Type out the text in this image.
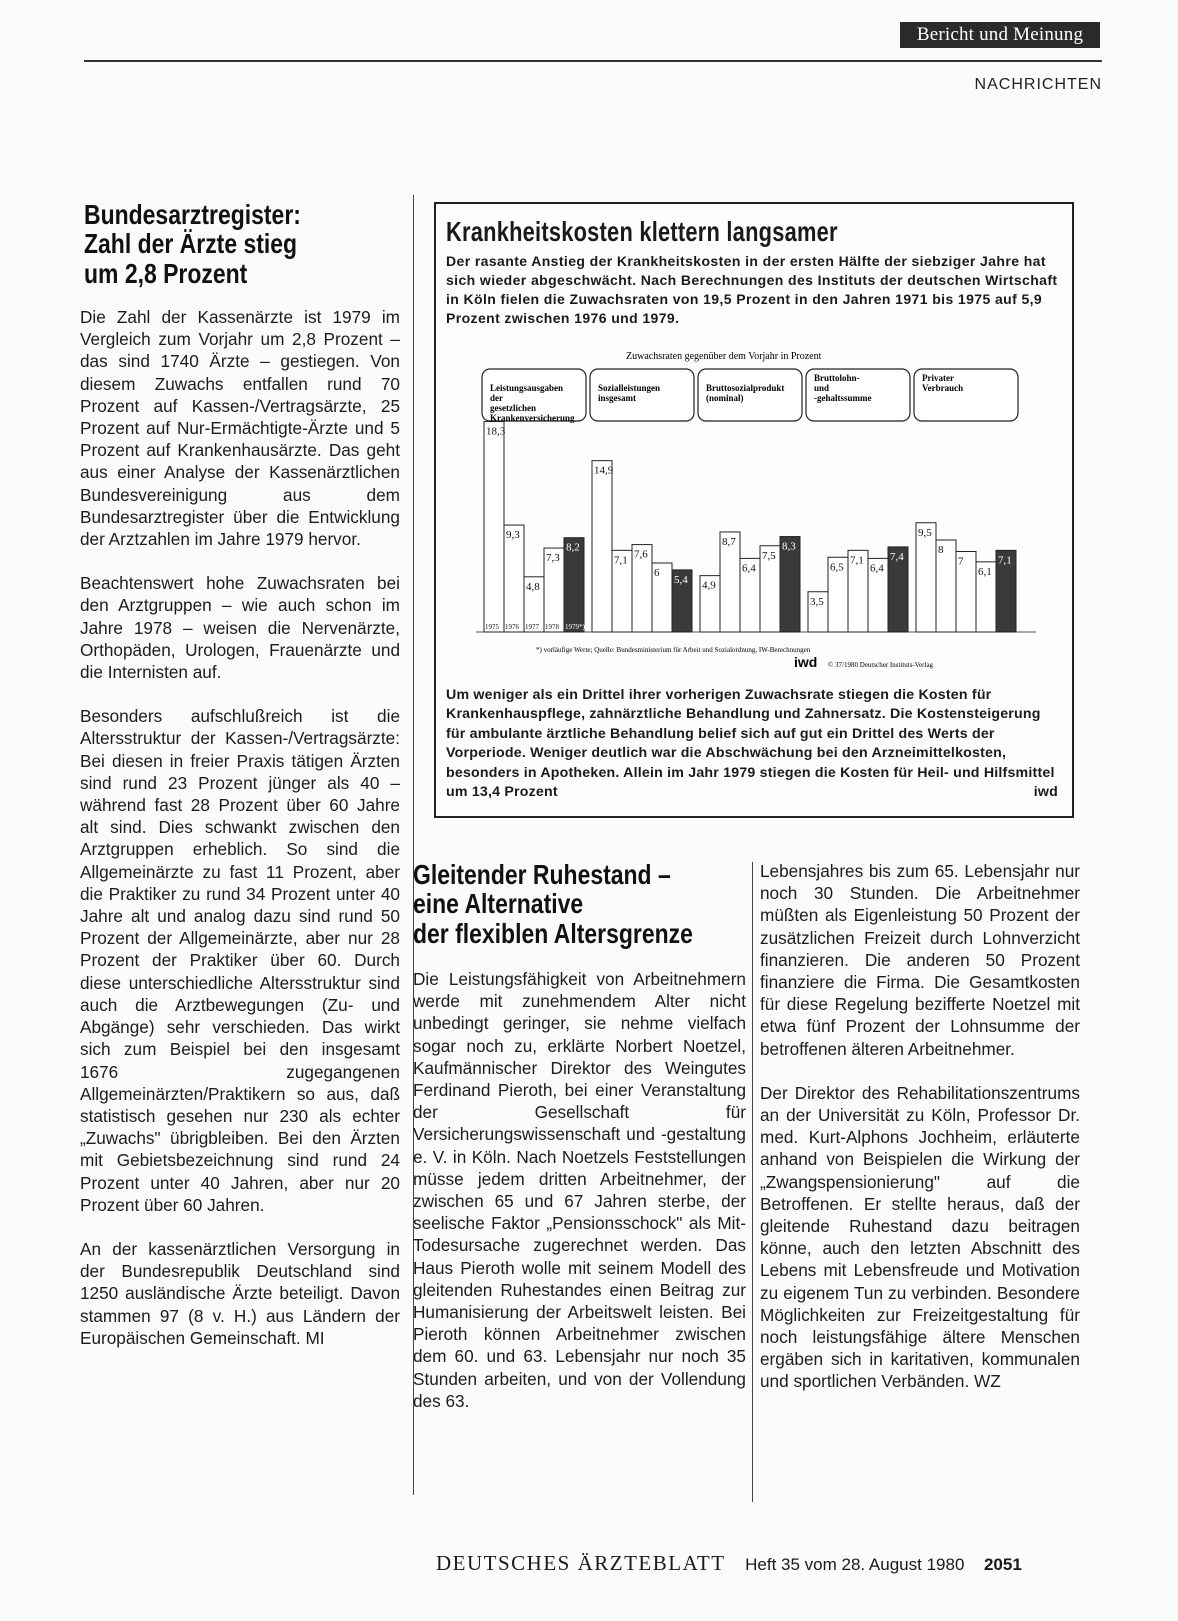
Bericht und Meinung
NACHRICHTEN
Bundesarztregister:
Zahl der Ärzte stieg
um 2,8 Prozent

Die Zahl der Kassenärzte ist 1979 im Vergleich zum Vorjahr um 2,8 Prozent – das sind 1740 Ärzte – gestiegen. Von diesem Zuwachs entfallen rund 70 Prozent auf Kassen-/Vertragsärzte, 25 Prozent auf Nur-Ermächtigte-Ärzte und 5 Prozent auf Krankenhausärzte. Das geht aus einer Analyse der Kassenärztlichen Bundesvereinigung aus dem Bundesarztregister über die Entwicklung der Arztzahlen im Jahre 1979 hervor.

Beachtenswert hohe Zuwachsraten bei den Arztgruppen – wie auch schon im Jahre 1978 – weisen die Nervenärzte, Orthopäden, Urologen, Frauenärzte und die Internisten auf.

Besonders aufschlußreich ist die Altersstruktur der Kassen-/Vertragsärzte: Bei diesen in freier Praxis tätigen Ärzten sind rund 23 Prozent jünger als 40 – während fast 28 Prozent über 60 Jahre alt sind. Dies schwankt zwischen den Arztgruppen erheblich. So sind die Allgemeinärzte zu fast 11 Prozent, aber die Praktiker zu rund 34 Prozent unter 40 Jahre alt und analog dazu sind rund 50 Prozent der Allgemeinärzte, aber nur 28 Prozent der Praktiker über 60. Durch diese unterschiedliche Altersstruktur sind auch die Arztbewegungen (Zu- und Abgänge) sehr verschieden. Das wirkt sich zum Beispiel bei den insgesamt 1676 zugegangenen Allgemeinärzten/Praktikern so aus, daß statistisch gesehen nur 230 als echter „Zuwachs" übrigbleiben. Bei den Ärzten mit Gebietsbezeichnung sind rund 24 Prozent unter 40 Jahren, aber nur 20 Prozent über 60 Jahren.

An der kassenärztlichen Versorgung in der Bundesrepublik Deutschland sind 1250 ausländische Ärzte beteiligt. Davon stammen 97 (8 v. H.) aus Ländern der Europäischen Gemeinschaft. MI

Krankheitskosten klettern langsamer
Der rasante Anstieg der Krankheitskosten in der ersten Hälfte der siebziger Jahre hat sich wieder abgeschwächt. Nach Berechnungen des Instituts der deutschen Wirtschaft in Köln fielen die Zuwachsraten von 19,5 Prozent in den Jahren 1971 bis 1975 auf 5,9 Prozent zwischen 1976 und 1979.
Zuwachsraten gegenüber dem Vorjahr in Prozent
18,3
1975
9,3
1976
4,8
1977
7,3
1978
8,2
1979*)
Leistungsausgaben
der
gesetzlichen
Krankenversicherung
14,9
7,1 7,6
6
5,4
Sozialleistungen
insgesamt
4,9
8,7
6,4
7,5
8,3
Bruttosozialprodukt
(nominal)
3,5
6,5
7,1
6,4
7,4
Bruttolohn-
und
-gehaltssumme
9,5
8
7
6,1
7,1
Privater
Verbrauch
*) vorläufige Werte; Quelle: Bundesministerium für Arbeit und Sozialordnung, IW-Berechnungen
iwd © 37/1980 Deutscher Instituts-Verlag
Um weniger als ein Drittel ihrer vorherigen Zuwachsrate stiegen die Kosten für Krankenhauspflege, zahnärztliche Behandlung und Zahnersatz. Die Kostensteigerung für ambulante ärztliche Behandlung belief sich auf gut ein Drittel des Werts der Vorperiode. Weniger deutlich war die Abschwächung bei den Arzneimittelkosten, besonders in Apotheken. Allein im Jahr 1979 stiegen die Kosten für Heil- und Hilfsmittel um 13,4 Prozent	iwd
Gleitender Ruhestand –
eine Alternative
der flexiblen Altersgrenze

Die Leistungsfähigkeit von Arbeitnehmern werde mit zunehmendem Alter nicht unbedingt geringer, sie nehme vielfach sogar noch zu, erklärte Norbert Noetzel, Kaufmännischer Direktor des Weingutes Ferdinand Pieroth, bei einer Veranstaltung der Gesellschaft für Versicherungswissenschaft und -gestaltung e. V. in Köln. Nach Noetzels Feststellungen müsse jedem dritten Arbeitnehmer, der zwischen 65 und 67 Jahren sterbe, der seelische Faktor „Pensionsschock" als Mit-Todesursache zugerechnet werden. Das Haus Pieroth wolle mit seinem Modell des gleitenden Ruhestandes einen Beitrag zur Humanisierung der Arbeitswelt leisten. Bei Pieroth können Arbeitnehmer zwischen dem 60. und 63. Lebensjahr nur noch 35 Stunden arbeiten, und von der Vollendung des 63.

Lebensjahres bis zum 65. Lebensjahr nur noch 30 Stunden. Die Arbeitnehmer müßten als Eigenleistung 50 Prozent der zusätzlichen Freizeit durch Lohnverzicht finanzieren. Die anderen 50 Prozent finanziere die Firma. Die Gesamtkosten für diese Regelung bezifferte Noetzel mit etwa fünf Prozent der Lohnsumme der betroffenen älteren Arbeitnehmer.

Der Direktor des Rehabilitationszentrums an der Universität zu Köln, Professor Dr. med. Kurt-Alphons Jochheim, erläuterte anhand von Beispielen die Wirkung der „Zwangspensionierung" auf die Betroffenen. Er stellte heraus, daß der gleitende Ruhestand dazu beitragen könne, auch den letzten Abschnitt des Lebens mit Lebensfreude und Motivation zu eigenem Tun zu verbinden. Besondere Möglichkeiten zur Freizeitgestaltung für noch leistungsfähige ältere Menschen ergäben sich in karitativen, kommunalen und sportlichen Verbänden. WZ

DEUTSCHES ÄRZTEBLATT Heft 35 vom 28. August 1980 2051
